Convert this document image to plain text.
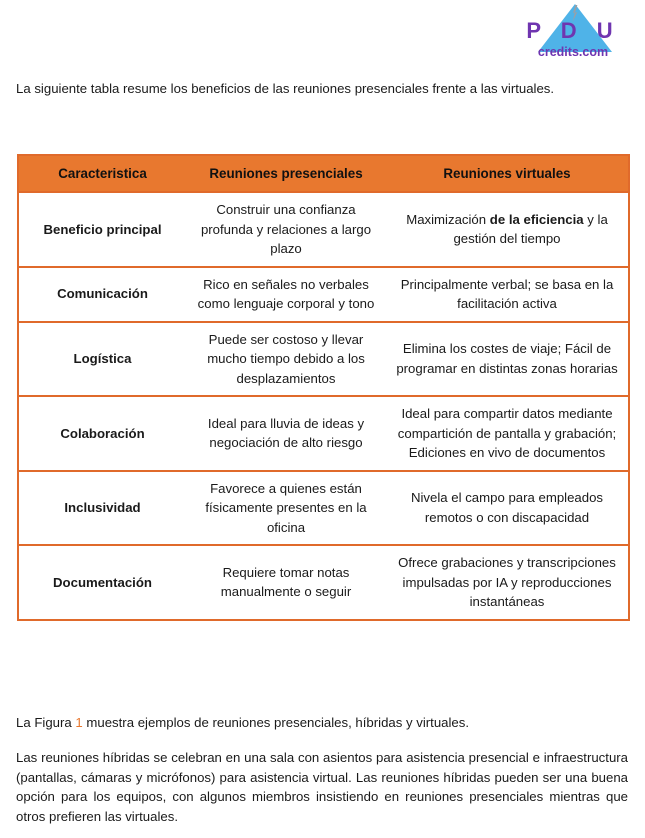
P D U
credits.com
La siguiente tabla resume los beneficios de las reuniones presenciales frente a las virtuales.
Caracteristica	Reuniones presenciales	Reuniones virtuales
Beneficio principal	Construir una confianza profunda y relaciones a largo plazo	Maximización de la eficiencia y la gestión del tiempo
Comunicación	Rico en señales no verbales como lenguaje corporal y tono	Principalmente verbal; se basa en la facilitación activa
Logística	Puede ser costoso y llevar mucho tiempo debido a los desplazamientos	Elimina los costes de viaje; Fácil de programar en distintas zonas horarias
Colaboración	Ideal para lluvia de ideas y negociación de alto riesgo	Ideal para compartir datos mediante compartición de pantalla y grabación; Ediciones en vivo de documentos
Inclusividad	Favorece a quienes están físicamente presentes en la oficina	Nivela el campo para empleados remotos o con discapacidad
Documentación	Requiere tomar notas manualmente o seguir	Ofrece grabaciones y transcripciones impulsadas por IA y reproducciones instantáneas
La Figura 1 muestra ejemplos de reuniones presenciales, híbridas y virtuales.
Las reuniones híbridas se celebran en una sala con asientos para asistencia presencial e infraestructura (pantallas, cámaras y micrófonos) para asistencia virtual. Las reuniones híbridas pueden ser una buena opción para los equipos, con algunos miembros insistiendo en reuniones presenciales mientras que otros prefieren las virtuales.
